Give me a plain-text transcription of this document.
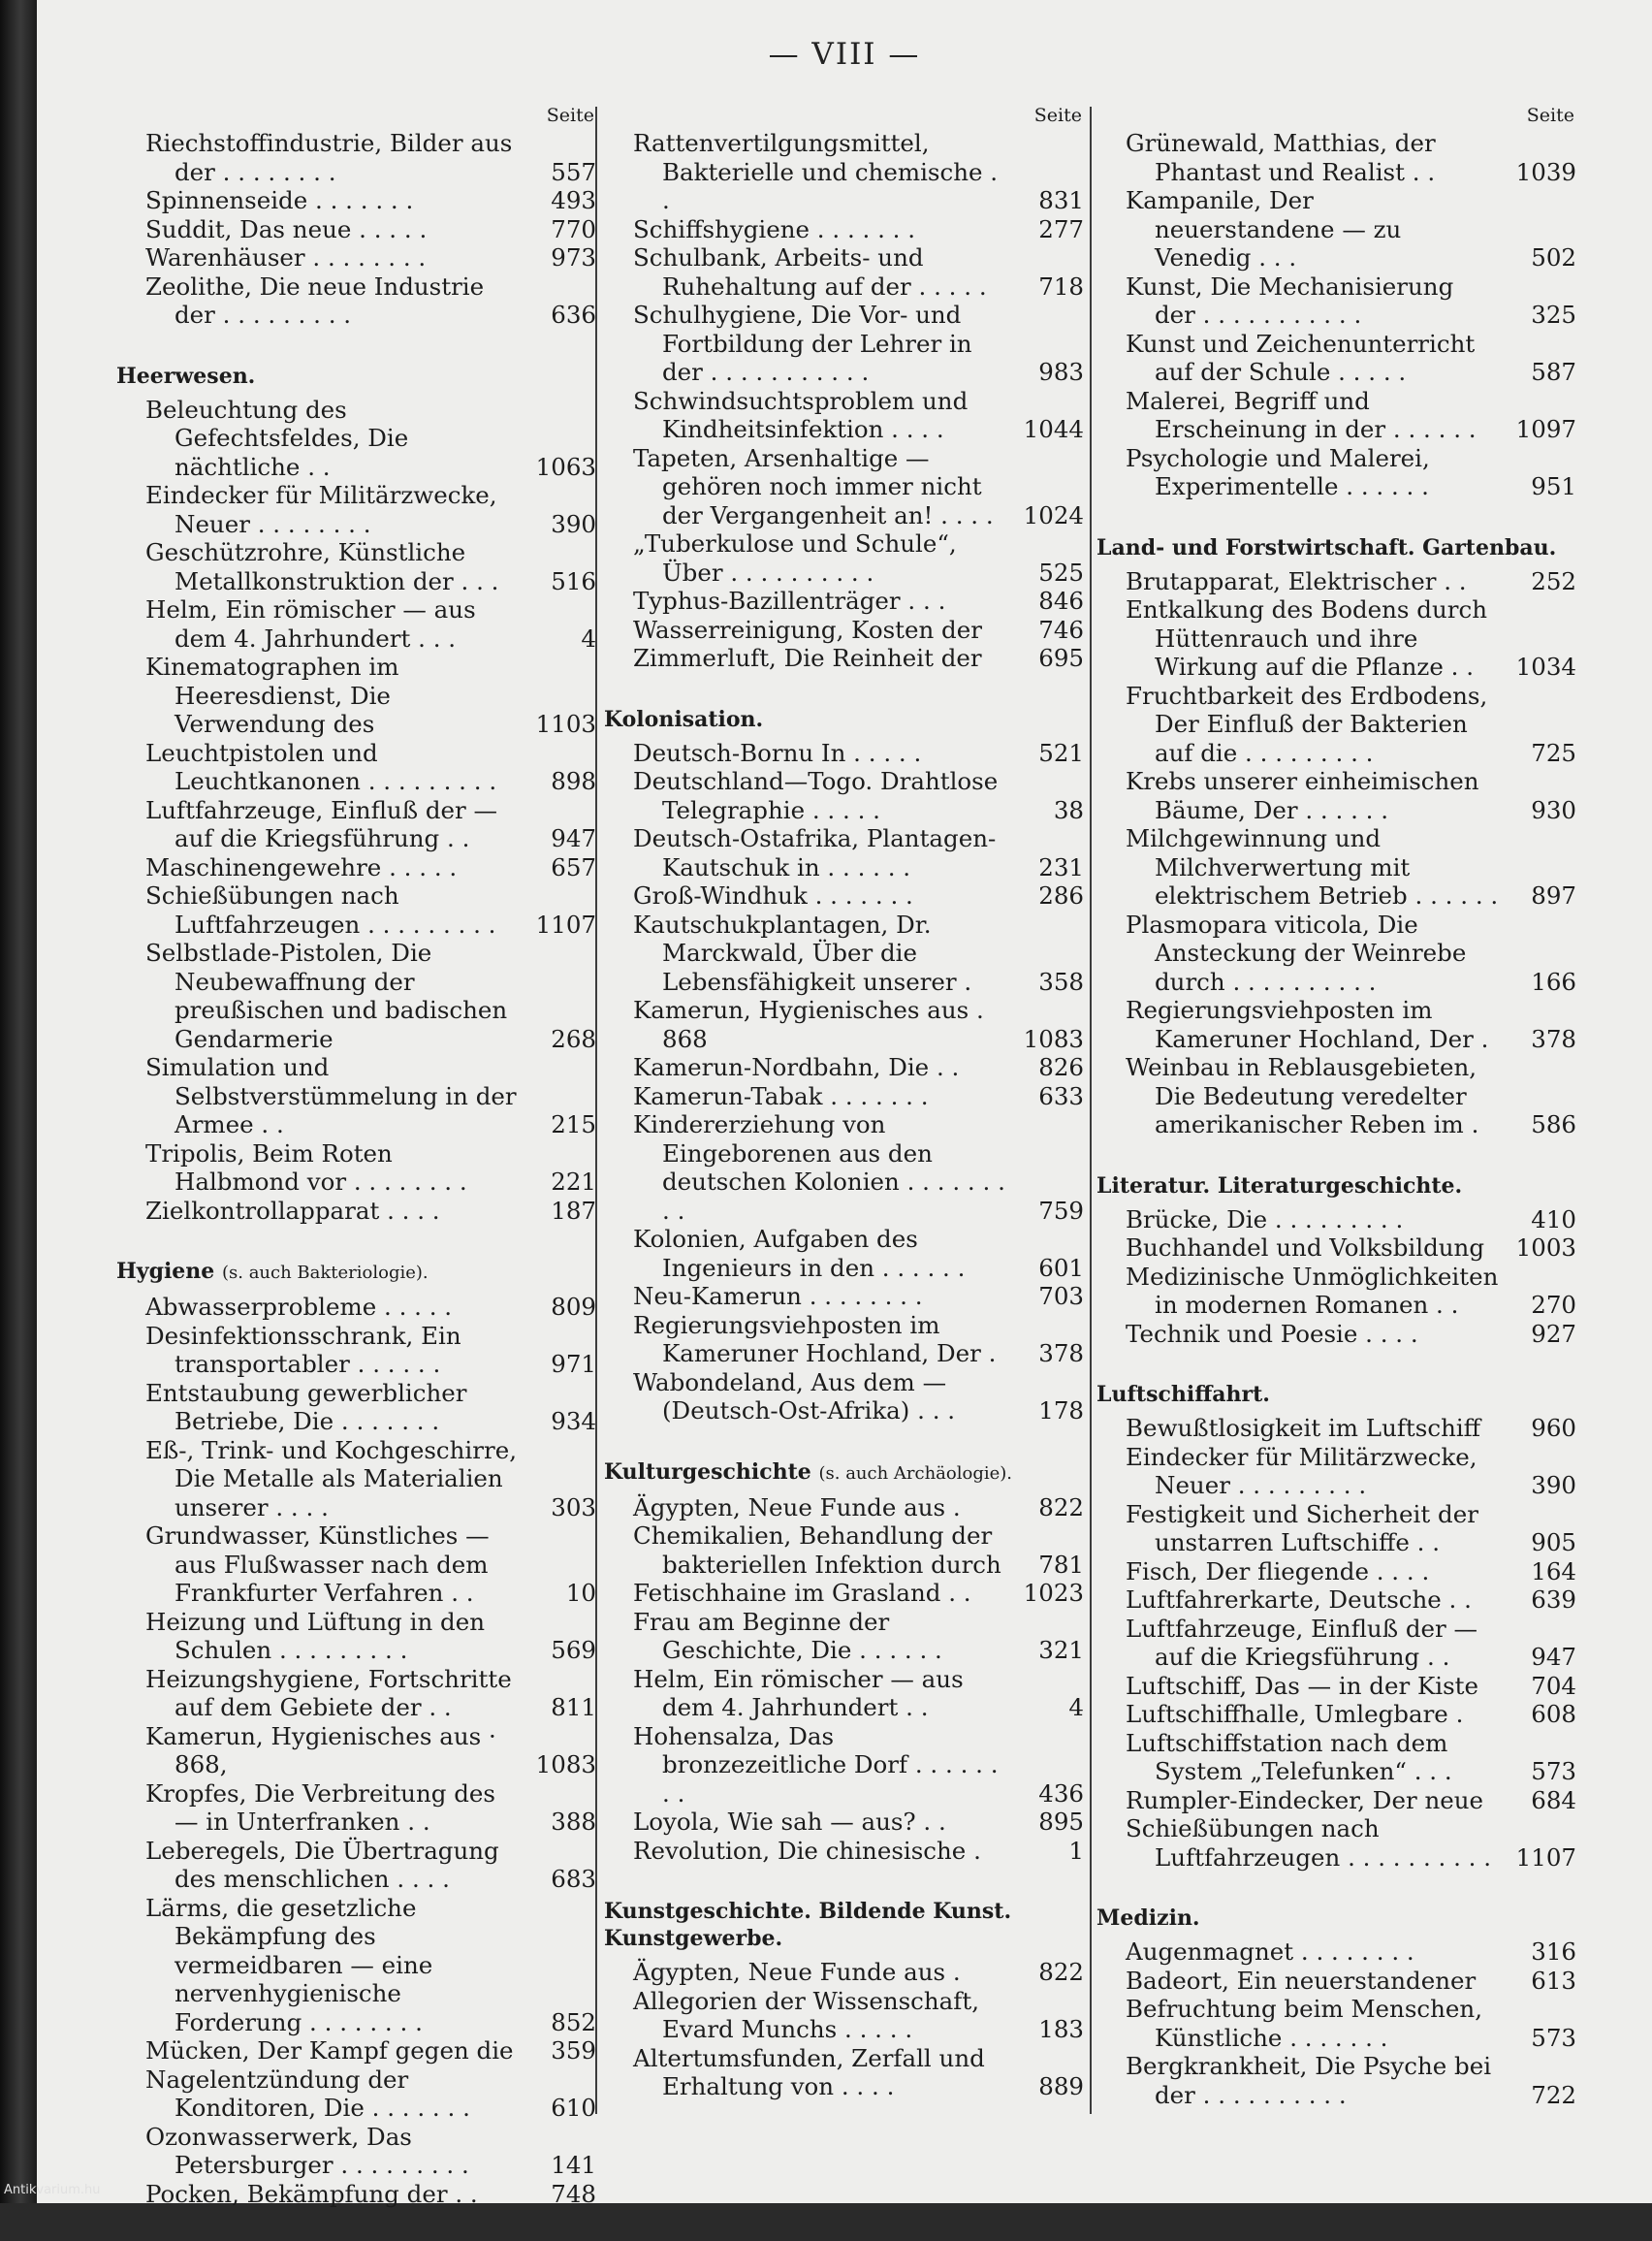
— VIII —
Seite
Riechstoffindustrie, Bilder aus der . . . . . . . .	557
Spinnenseide . . . . . . .	493
Suddit, Das neue . . . . .	770
Warenhäuser . . . . . . . .	973
Zeolithe, Die neue Industrie der . . . . . . . . .	636
Heerwesen.
Beleuchtung des Gefechtsfeldes, Die nächtliche . .	1063
Eindecker für Militärzwecke, Neuer . . . . . . . .	390
Geschützrohre, Künstliche Metallkonstruktion der . . .	516
Helm, Ein römischer — aus dem 4. Jahrhundert . . .	4
Kinematographen im Heeresdienst, Die Verwendung des	1103
Leuchtpistolen und Leuchtkanonen . . . . . . . . .	898
Luftfahrzeuge, Einfluß der — auf die Kriegsführung . .	947
Maschinengewehre . . . . .	657
Schießübungen nach Luftfahrzeugen . . . . . . . . .	1107
Selbstlade-Pistolen, Die Neubewaffnung der preußischen und badischen Gendarmerie	268
Simulation und Selbstverstümmelung in der Armee . .	215
Tripolis, Beim Roten Halbmond vor . . . . . . . .	221
Zielkontrollapparat . . . .	187
Hygiene (s. auch Bakteriologie).
Abwasserprobleme . . . . .	809
Desinfektionsschrank, Ein transportabler . . . . . .	971
Entstaubung gewerblicher Betriebe, Die . . . . . . .	934
Eß-, Trink- und Kochgeschirre, Die Metalle als Materialien unserer . . . .	303
Grundwasser, Künstliches — aus Flußwasser nach dem Frankfurter Verfahren . .	10
Heizung und Lüftung in den Schulen . . . . . . . . .	569
Heizungshygiene, Fortschritte auf dem Gebiete der . .	811
Kamerun, Hygienisches aus · 868,	1083
Kropfes, Die Verbreitung des — in Unterfranken . .	388
Leberegels, Die Übertragung des menschlichen . . . .	683
Lärms, die gesetzliche Bekämpfung des vermeidbaren — eine nervenhygienische Forderung . . . . . . . .	852
Mücken, Der Kampf gegen die	359
Nagelentzündung der Konditoren, Die . . . . . . .	610
Ozonwasserwerk, Das Petersburger . . . . . . . . .	141
Pocken, Bekämpfung der . .	748
Seite
Rattenvertilgungsmittel, Bakterielle und chemische . .	831
Schiffshygiene . . . . . . .	277
Schulbank, Arbeits- und Ruhehaltung auf der . . . . .	718
Schulhygiene, Die Vor- und Fortbildung der Lehrer in der . . . . . . . . . . .	983
Schwindsuchtsproblem und Kindheitsinfektion . . . .	1044
Tapeten, Arsenhaltige — gehören noch immer nicht der Vergangenheit an! . . . .	1024
„Tuberkulose und Schule“, Über . . . . . . . . . .	525
Typhus-Bazillenträger . . .	846
Wasserreinigung, Kosten der	746
Zimmerluft, Die Reinheit der	695
Kolonisation.
Deutsch-Bornu In . . . . .	521
Deutschland—Togo. Drahtlose Telegraphie . . . . .	38
Deutsch-Ostafrika, Plantagen-Kautschuk in . . . . . .	231
Groß-Windhuk . . . . . . .	286
Kautschukplantagen, Dr. Marckwald, Über die Lebensfähigkeit unserer .	358
Kamerun, Hygienisches aus . 868	1083
Kamerun-Nordbahn, Die . .	826
Kamerun-Tabak . . . . . . .	633
Kindererziehung von Eingeborenen aus den deutschen Kolonien . . . . . . . . .	759
Kolonien, Aufgaben des Ingenieurs in den . . . . . .	601
Neu-Kamerun . . . . . . . .	703
Regierungsviehposten im Kameruner Hochland, Der .	378
Wabondeland, Aus dem — (Deutsch-Ost-Afrika) . . .	178
Kulturgeschichte (s. auch Archäologie).
Ägypten, Neue Funde aus .	822
Chemikalien, Behandlung der bakteriellen Infektion durch	781
Fetischhaine im Grasland . .	1023
Frau am Beginne der Geschichte, Die . . . . . .	321
Helm, Ein römischer — aus dem 4. Jahrhundert . .	4
Hohensalza, Das bronzezeitliche Dorf . . . . . . . .	436
Loyola, Wie sah — aus? . .	895
Revolution, Die chinesische .	1
Kunstgeschichte. Bildende Kunst. Kunstgewerbe.
Ägypten, Neue Funde aus .	822
Allegorien der Wissenschaft, Evard Munchs . . . . .	183
Altertumsfunden, Zerfall und Erhaltung von . . . .	889
Seite
Grünewald, Matthias, der Phantast und Realist . .	1039
Kampanile, Der neuerstandene — zu Venedig . . .	502
Kunst, Die Mechanisierung der . . . . . . . . . . .	325
Kunst und Zeichenunterricht auf der Schule . . . . .	587
Malerei, Begriff und Erscheinung in der . . . . . .	1097
Psychologie und Malerei, Experimentelle . . . . . .	951
Land- und Forstwirtschaft. Gartenbau.
Brutapparat, Elektrischer . .	252
Entkalkung des Bodens durch Hüttenrauch und ihre Wirkung auf die Pflanze . .	1034
Fruchtbarkeit des Erdbodens, Der Einfluß der Bakterien auf die . . . . . . . . .	725
Krebs unserer einheimischen Bäume, Der . . . . . .	930
Milchgewinnung und Milchverwertung mit elektrischem Betrieb . . . . . .	897
Plasmopara viticola, Die Ansteckung der Weinrebe durch . . . . . . . . . .	166
Regierungsviehposten im Kameruner Hochland, Der .	378
Weinbau in Reblausgebieten, Die Bedeutung veredelter amerikanischer Reben im .	586
Literatur. Literaturgeschichte.
Brücke, Die . . . . . . . . .	410
Buchhandel und Volksbildung	1003
Medizinische Unmöglichkeiten in modernen Romanen . .	270
Technik und Poesie . . . .	927
Luftschiffahrt.
Bewußtlosigkeit im Luftschiff	960
Eindecker für Militärzwecke, Neuer . . . . . . . . .	390
Festigkeit und Sicherheit der unstarren Luftschiffe . .	905
Fisch, Der fliegende . . . .	164
Luftfahrerkarte, Deutsche . .	639
Luftfahrzeuge, Einfluß der — auf die Kriegsführung . .	947
Luftschiff, Das — in der Kiste	704
Luftschiffhalle, Umlegbare .	608
Luftschiffstation nach dem System „Telefunken“ . . .	573
Rumpler-Eindecker, Der neue	684
Schießübungen nach Luftfahrzeugen . . . . . . . . . .	1107
Medizin.
Augenmagnet . . . . . . . .	316
Badeort, Ein neuerstandener	613
Befruchtung beim Menschen, Künstliche . . . . . . .	573
Bergkrankheit, Die Psyche bei der . . . . . . . . . .	722
Antikvarium.hu
